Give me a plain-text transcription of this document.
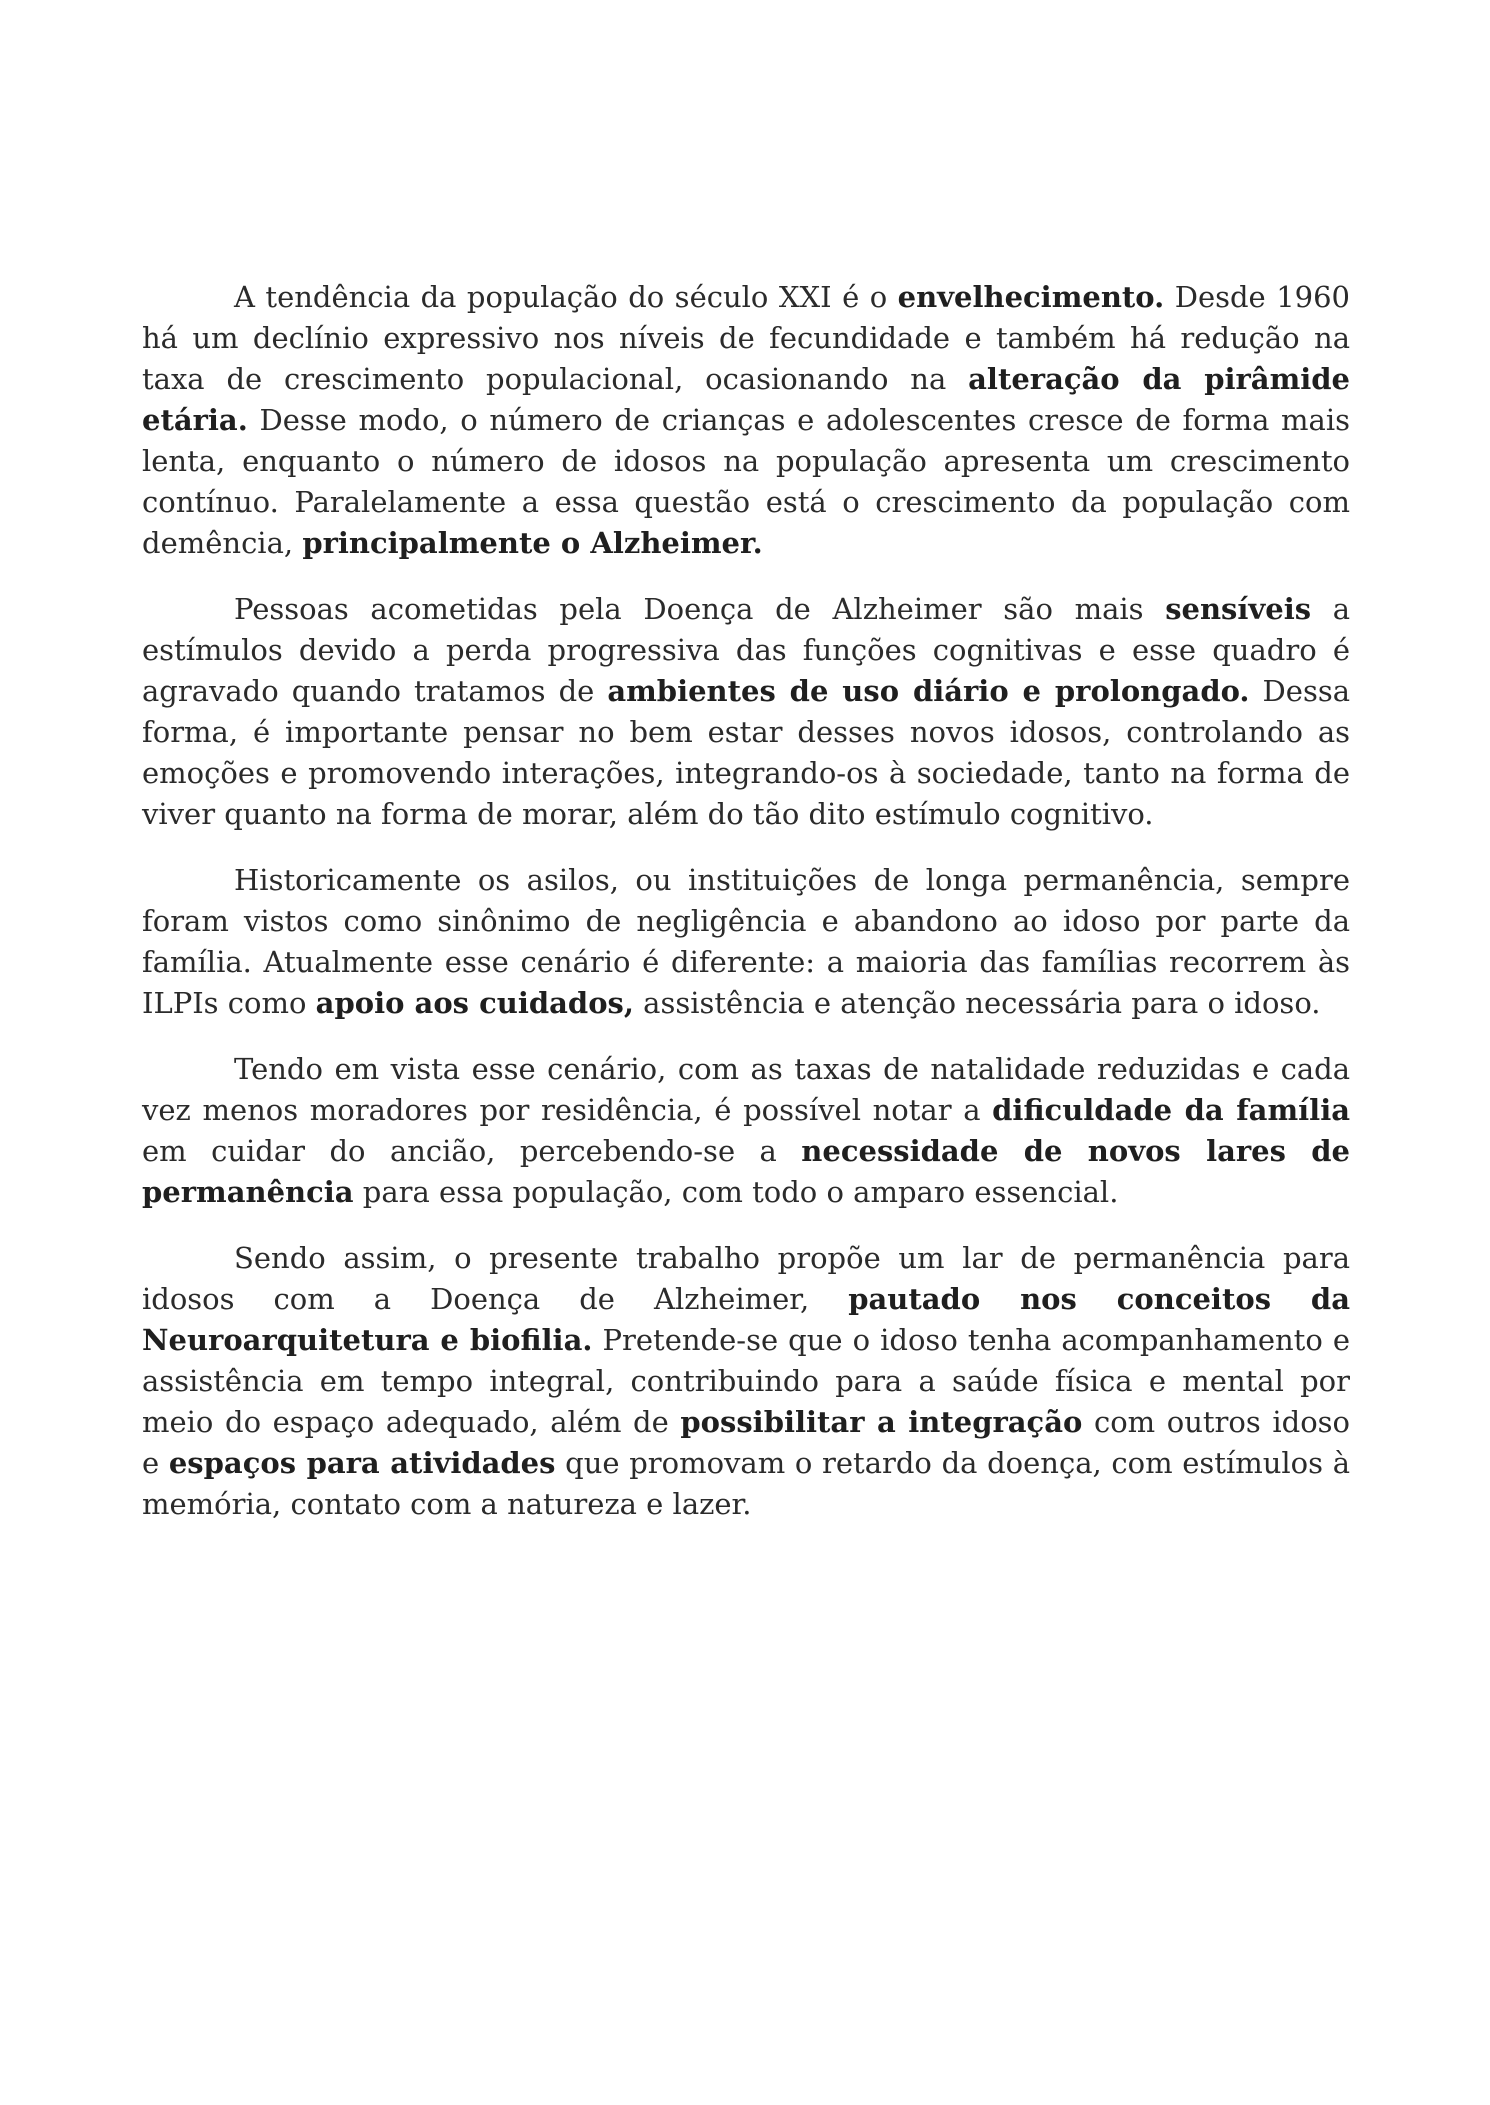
A tendência da população do século XXI é o envelhecimento. Desde 1960 há um declínio expressivo nos níveis de fecundidade e também há redução na taxa de crescimento populacional, ocasionando na alteração da pirâmide etária. Desse modo, o número de crianças e adolescentes cresce de forma mais lenta, enquanto o número de idosos na população apresenta um crescimento contínuo. Paralelamente a essa questão está o crescimento da população com demência, principalmente o Alzheimer.

Pessoas acometidas pela Doença de Alzheimer são mais sensíveis a estímulos devido a perda progressiva das funções cognitivas e esse quadro é agravado quando tratamos de ambientes de uso diário e prolongado. Dessa forma, é importante pensar no bem estar desses novos idosos, controlando as emoções e promovendo interações, integrando-os à sociedade, tanto na forma de viver quanto na forma de morar, além do tão dito estímulo cognitivo.

Historicamente os asilos, ou instituições de longa permanência, sempre foram vistos como sinônimo de negligência e abandono ao idoso por parte da família. Atualmente esse cenário é diferente: a maioria das famílias recorrem às ILPIs como apoio aos cuidados, assistência e atenção necessária para o idoso.

Tendo em vista esse cenário, com as taxas de natalidade reduzidas e cada vez menos moradores por residência, é possível notar a dificuldade da família em cuidar do ancião, percebendo-se a necessidade de novos lares de permanência para essa população, com todo o amparo essencial.

Sendo assim, o presente trabalho propõe um lar de permanência para idosos com a Doença de Alzheimer, pautado nos conceitos da Neuroarquitetura e biofilia. Pretende-se que o idoso tenha acompanhamento e assistência em tempo integral, contribuindo para a saúde física e mental por meio do espaço adequado, além de possibilitar a integração com outros idoso e espaços para atividades que promovam o retardo da doença, com estímulos à memória, contato com a natureza e lazer.
